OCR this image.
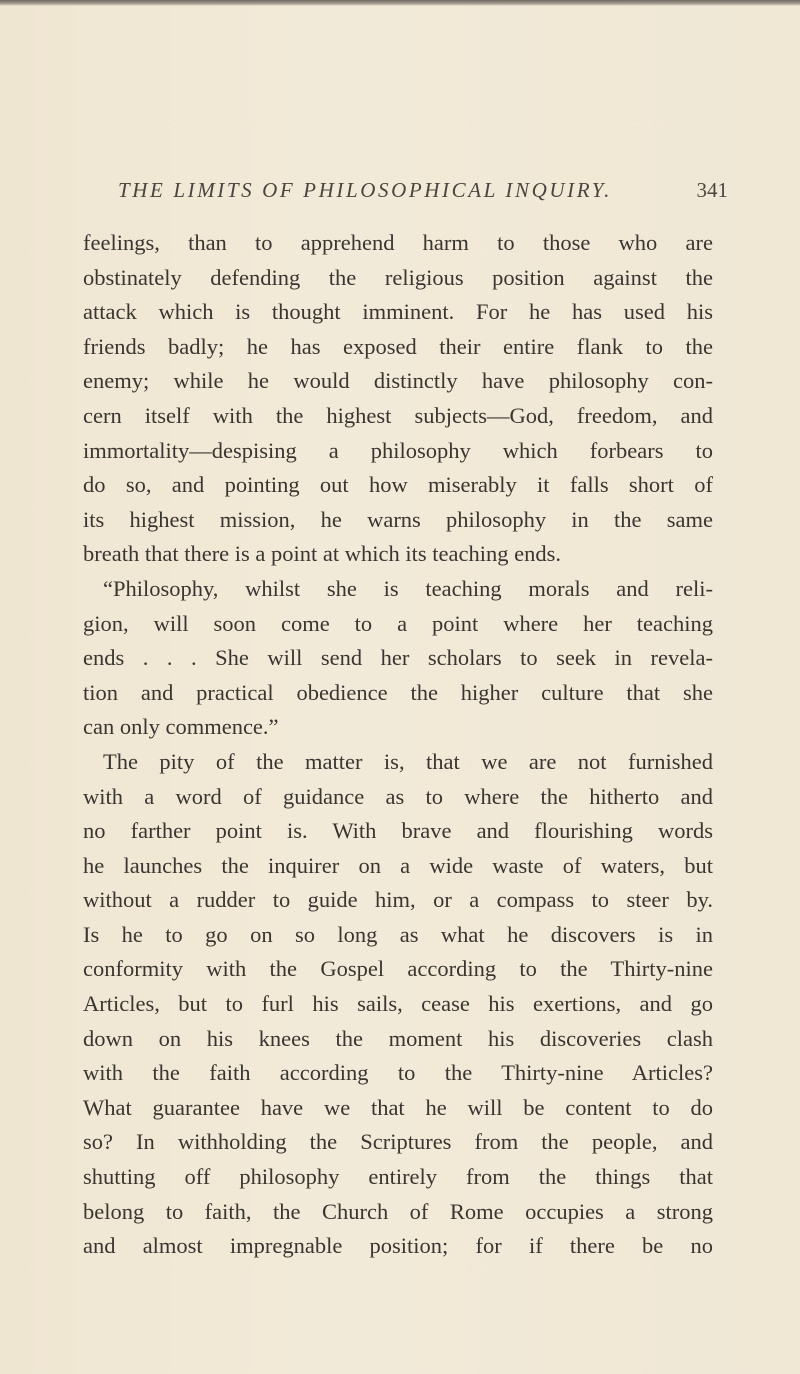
THE LIMITS OF PHILOSOPHICAL INQUIRY.	341
feelings, than to apprehend harm to those who are
obstinately defending the religious position against the
attack which is thought imminent. For he has used his
friends badly; he has exposed their entire flank to the
enemy; while he would distinctly have philosophy con-
cern itself with the highest subjects—God, freedom, and
immortality—despising a philosophy which forbears to
do so, and pointing out how miserably it falls short of
its highest mission, he warns philosophy in the same
breath that there is a point at which its teaching ends.
“Philosophy, whilst she is teaching morals and reli-
gion, will soon come to a point where her teaching
ends . . . She will send her scholars to seek in revela-
tion and practical obedience the higher culture that she
can only commence.”
The pity of the matter is, that we are not furnished
with a word of guidance as to where the hitherto and
no farther point is. With brave and flourishing words
he launches the inquirer on a wide waste of waters, but
without a rudder to guide him, or a compass to steer by.
Is he to go on so long as what he discovers is in
conformity with the Gospel according to the Thirty-nine
Articles, but to furl his sails, cease his exertions, and go
down on his knees the moment his discoveries clash
with the faith according to the Thirty-nine Articles?
What guarantee have we that he will be content to do
so? In withholding the Scriptures from the people, and
shutting off philosophy entirely from the things that
belong to faith, the Church of Rome occupies a strong
and almost impregnable position; for if there be no
